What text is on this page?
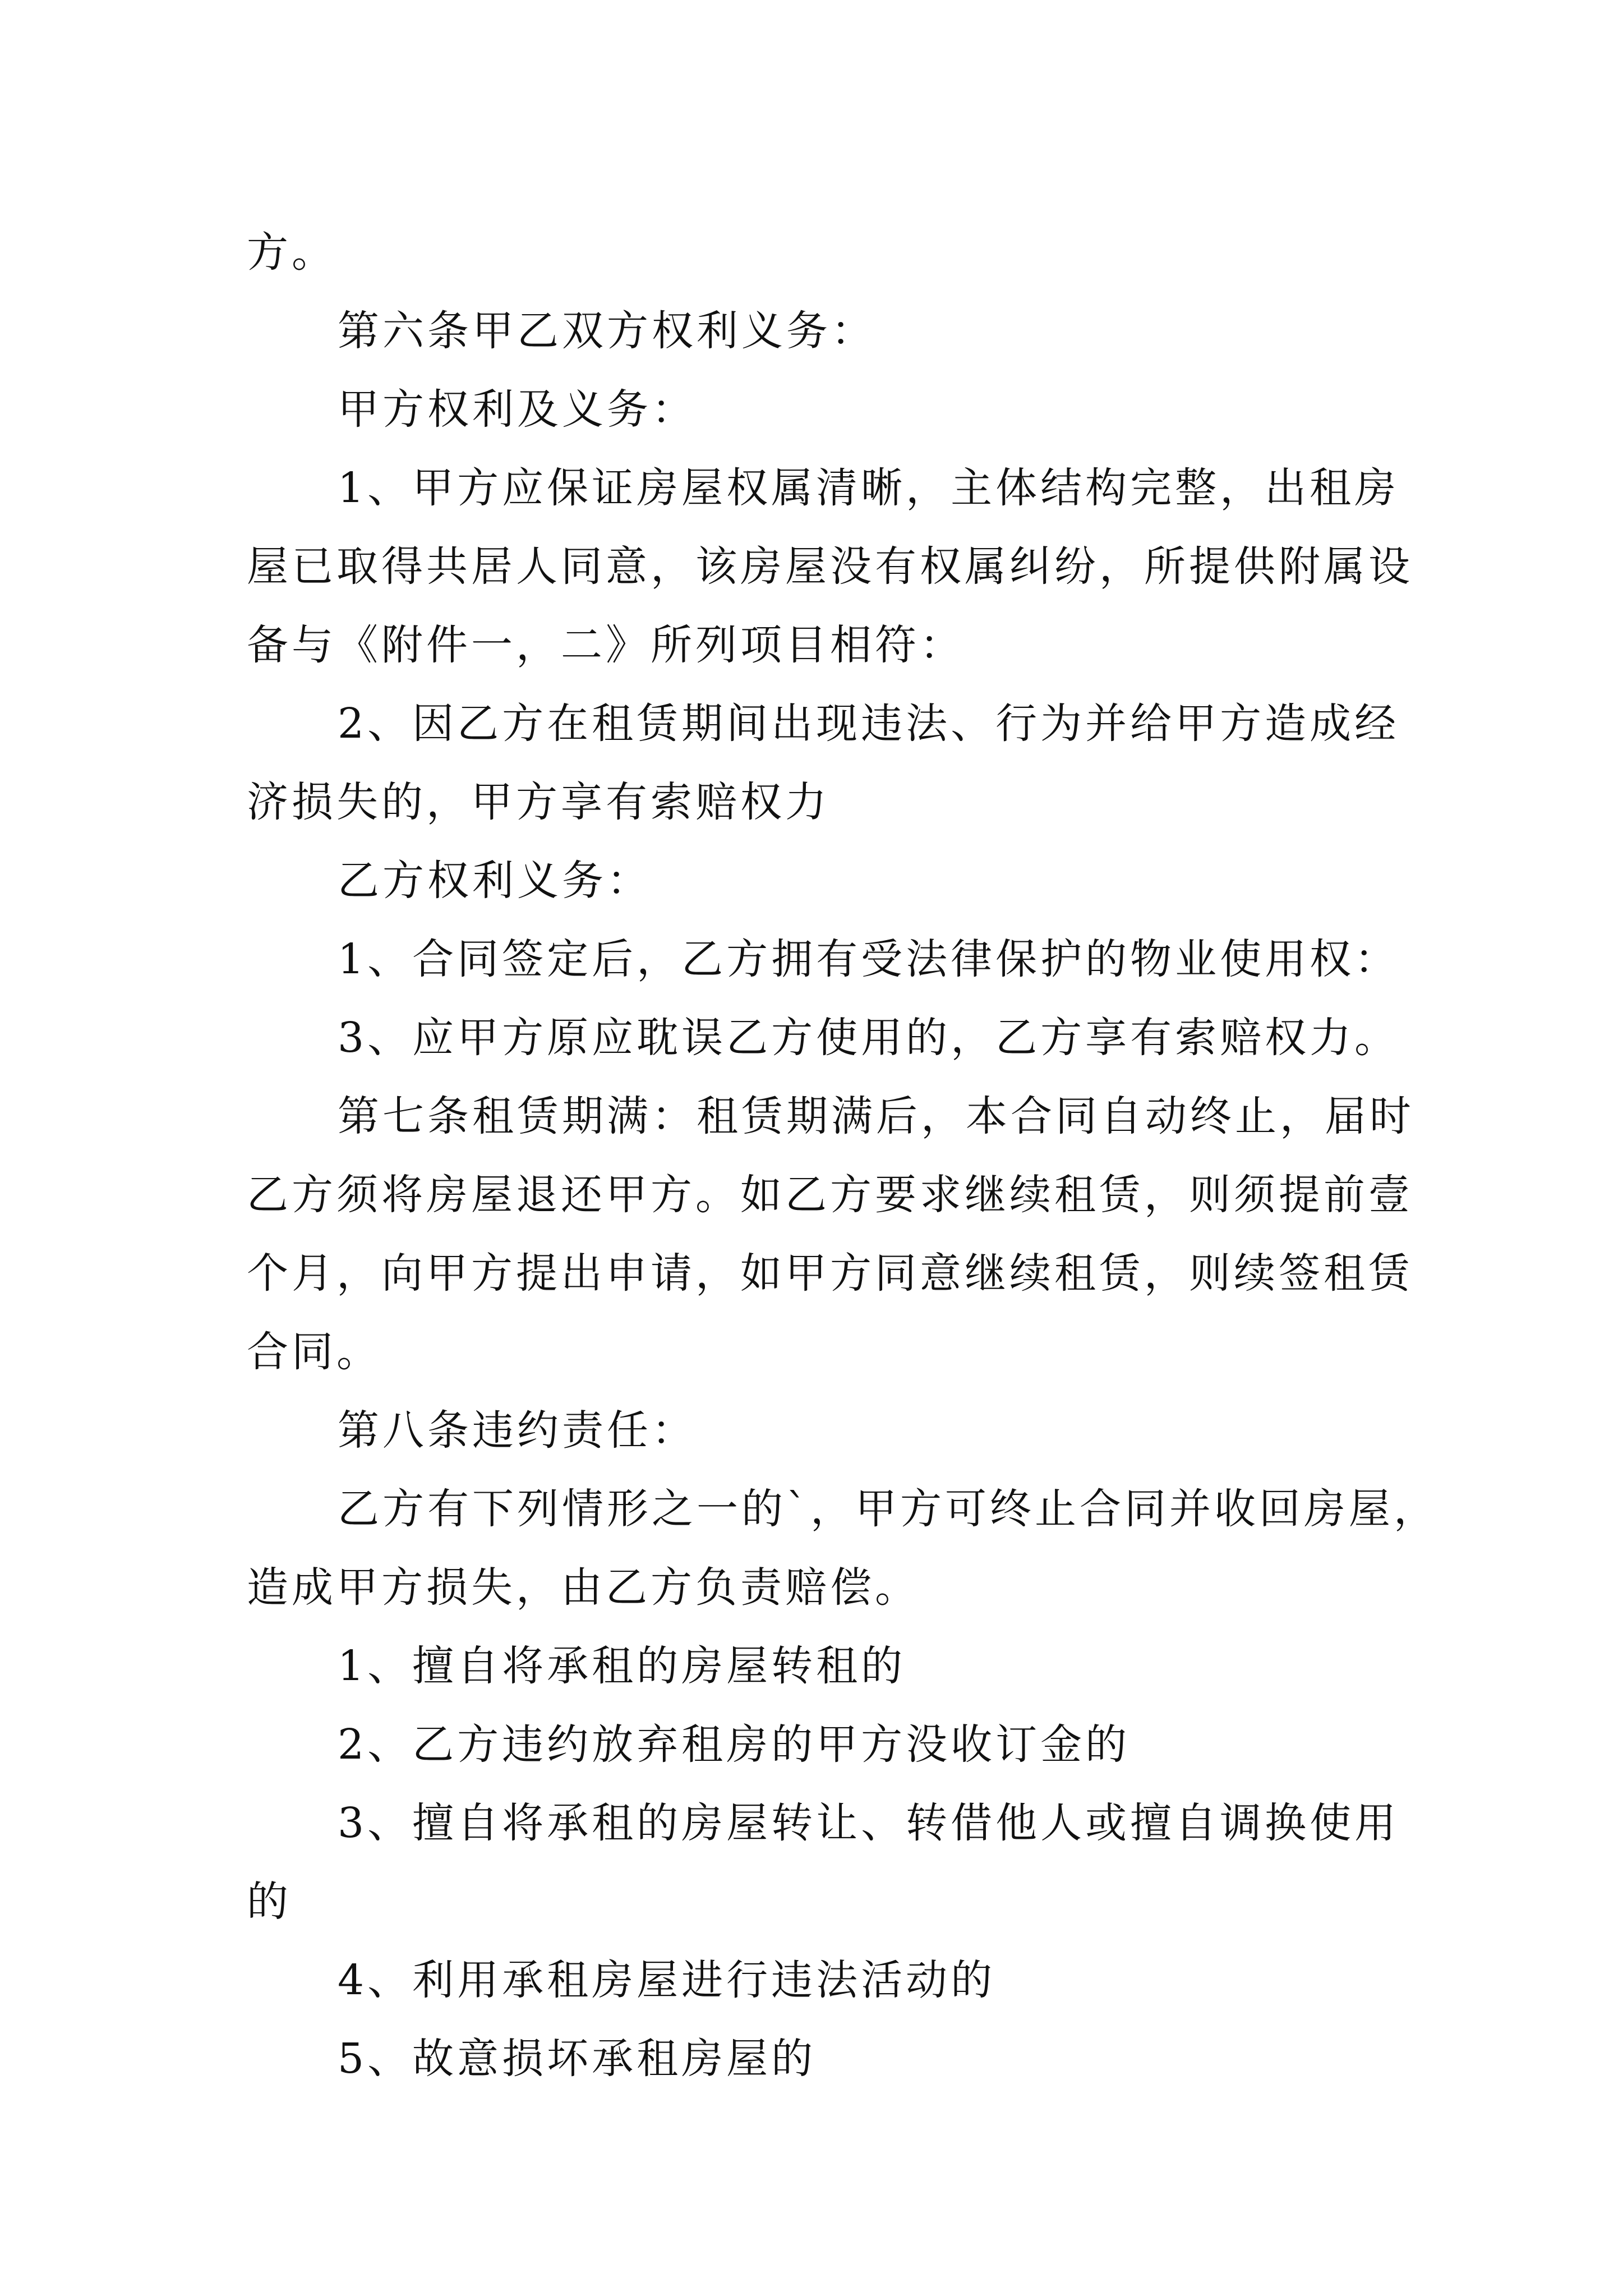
方。
第六条甲乙双方权利义务：
甲方权利及义务：
1、甲方应保证房屋权属清晰，主体结构完整，出租房
屋已取得共居人同意，该房屋没有权属纠纷，所提供附属设
备与《附件一，二》所列项目相符：
2、因乙方在租赁期间出现违法、行为并给甲方造成经
济损失的，甲方享有索赔权力
乙方权利义务：
1、合同签定后，乙方拥有受法律保护的物业使用权：
3、应甲方原应耽误乙方使用的，乙方享有索赔权力。
第七条租赁期满：租赁期满后，本合同自动终止，届时
乙方须将房屋退还甲方。如乙方要求继续租赁，则须提前壹
个月，向甲方提出申请，如甲方同意继续租赁，则续签租赁
合同。
第八条违约责任：
乙方有下列情形之一的`，甲方可终止合同并收回房屋，
造成甲方损失，由乙方负责赔偿。
1、擅自将承租的房屋转租的
2、乙方违约放弃租房的甲方没收订金的
3、擅自将承租的房屋转让、转借他人或擅自调换使用
的
4、利用承租房屋进行违法活动的
5、故意损坏承租房屋的
